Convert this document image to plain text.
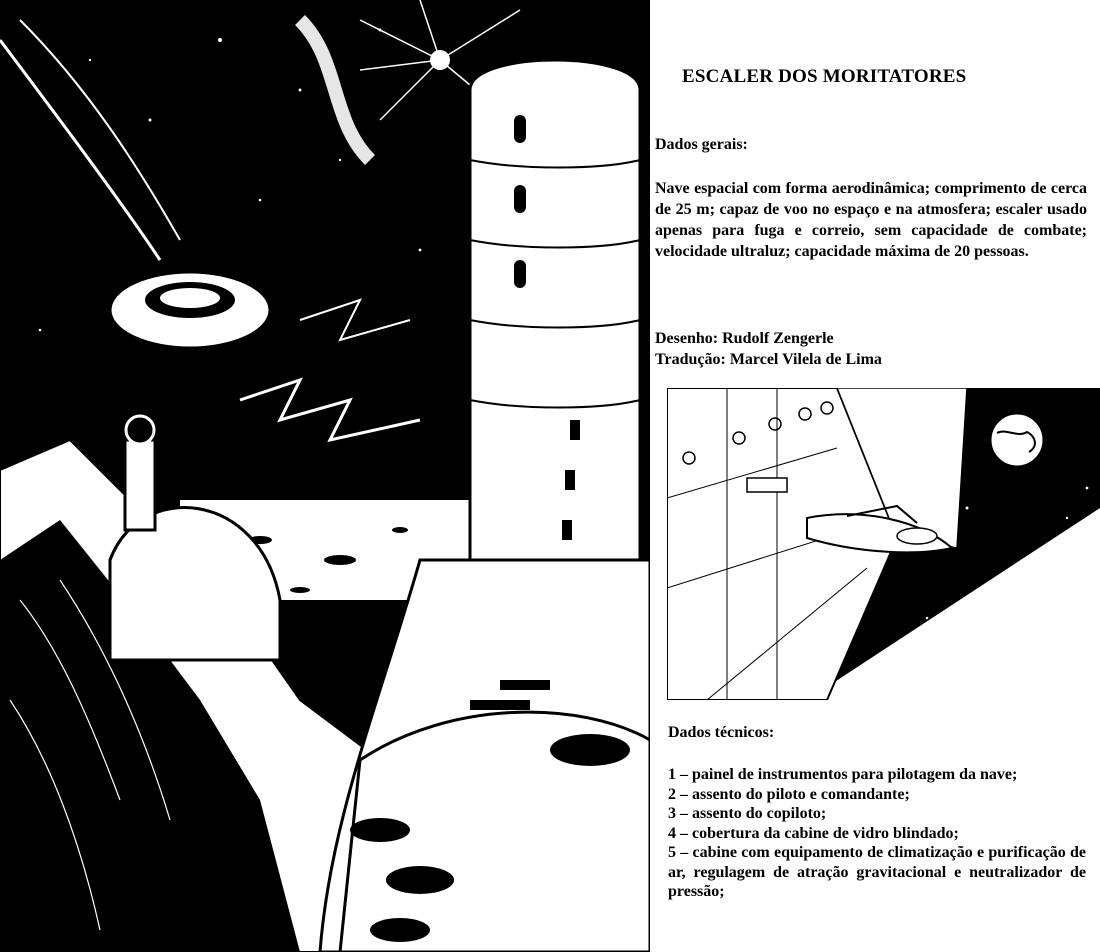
ESCALER DOS MORITATORES
Dados gerais:
Nave espacial com forma aerodinâmica; comprimento de cerca de 25 m; capaz de voo no espaço e na atmosfera; escaler usado apenas para fuga e correio, sem capacidade de combate; velocidade ultraluz; capacidade máxima de 20 pessoas.
Desenho: Rudolf Zengerle
Tradução: Marcel Vilela de Lima
Dados técnicos:
1 – painel de instrumentos para pilotagem da nave;
2 – assento do piloto e comandante;
3 – assento do copiloto;
4 – cobertura da cabine de vidro blindado;
5 – cabine com equipamento de climatização e purificação de ar, regulagem de atração gravitacional e neutralizador de pressão;
